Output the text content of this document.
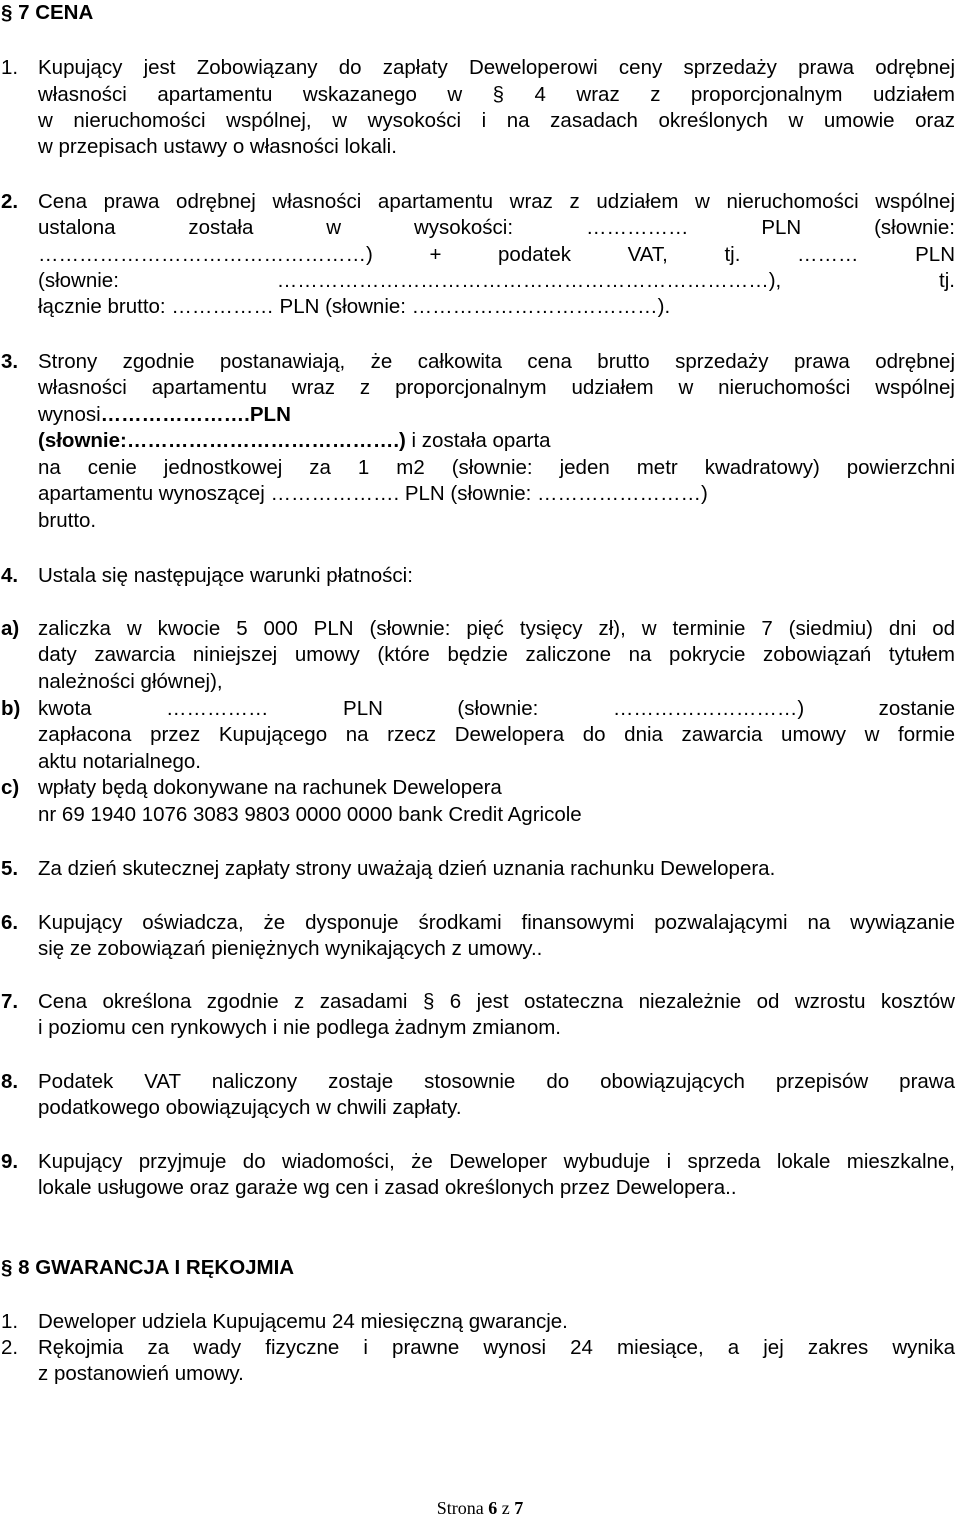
§ 7 CENA
1. Kupujący jest Zobowiązany do zapłaty Deweloperowi ceny sprzedaży prawa odrębnej
własności apartamentu wskazanego w § 4 wraz z proporcjonalnym udziałem
w nieruchomości wspólnej, w wysokości i na zasadach określonych w umowie oraz
w przepisach ustawy o własności lokali.
2. Cena prawa odrębnej własności apartamentu wraz z udziałem w nieruchomości wspólnej
ustalona została w wysokości: …………… PLN (słownie:
…………………………………………) + podatek VAT, tj. ……… PLN
(słownie: ………………………………………………………………), tj.
łącznie brutto: …………… PLN (słownie: ………………………………).
3. Strony zgodnie postanawiają, że całkowita cena brutto sprzedaży prawa odrębnej
własności apartamentu wraz z proporcjonalnym udziałem w nieruchomości wspólnej
wynosi………………….PLN
(słownie:………………………………….) i została oparta
na cenie jednostkowej za 1 m2 (słownie: jeden metr kwadratowy) powierzchni
apartamentu wynoszącej ………………. PLN (słownie: ……………………)
brutto.
4. Ustala się następujące warunki płatności:
a) zaliczka w kwocie 5 000 PLN (słownie: pięć tysięcy zł), w terminie 7 (siedmiu) dni od
daty zawarcia niniejszej umowy (które będzie zaliczone na pokrycie zobowiązań tytułem
należności głównej),
b) kwota …………… PLN (słownie: ………………………) zostanie
zapłacona przez Kupującego na rzecz Dewelopera do dnia zawarcia umowy w formie
aktu notarialnego.
c) wpłaty będą dokonywane na rachunek Dewelopera
nr 69 1940 1076 3083 9803 0000 0000 bank Credit Agricole
5. Za dzień skutecznej zapłaty strony uważają dzień uznania rachunku Dewelopera.
6. Kupujący oświadcza, że dysponuje środkami finansowymi pozwalającymi na wywiązanie
się ze zobowiązań pieniężnych wynikających z umowy..
7. Cena określona zgodnie z zasadami § 6 jest ostateczna niezależnie od wzrostu kosztów
i poziomu cen rynkowych i nie podlega żadnym zmianom.
8. Podatek VAT naliczony zostaje stosownie do obowiązujących przepisów prawa
podatkowego obowiązujących w chwili zapłaty.
9. Kupujący przyjmuje do wiadomości, że Deweloper wybuduje i sprzeda lokale mieszkalne,
lokale usługowe oraz garaże wg cen i zasad określonych przez Dewelopera..
§ 8 GWARANCJA I RĘKOJMIA
1. Deweloper udziela Kupującemu 24 miesięczną gwarancje.
2. Rękojmia za wady fizyczne i prawne wynosi 24 miesiące, a jej zakres wynika
z postanowień umowy.
Strona 6 z 7
